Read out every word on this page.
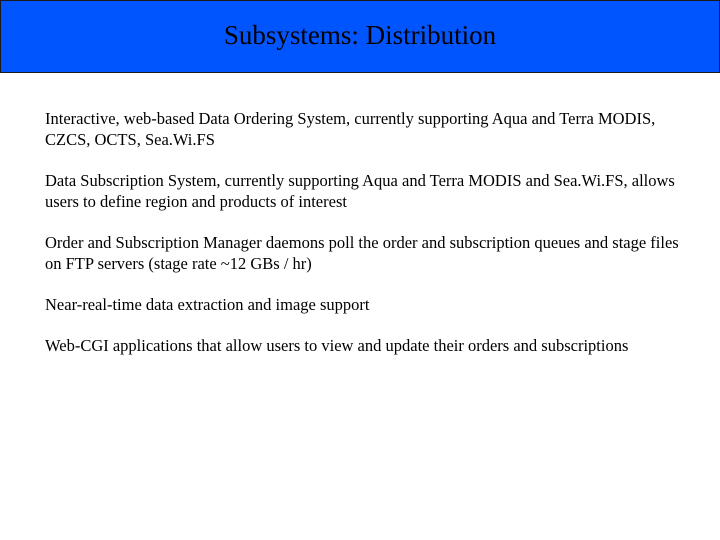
Subsystems: Distribution

Interactive, web-based Data Ordering System, currently supporting Aqua and Terra MODIS, CZCS, OCTS, Sea.Wi.FS

Data Subscription System, currently supporting Aqua and Terra MODIS and Sea.Wi.FS, allows users to define region and products of interest

Order and Subscription Manager daemons poll the order and subscription queues and stage files on FTP servers (stage rate ~12 GBs / hr)

Near-real-time data extraction and image support

Web-CGI applications that allow users to view and update their orders and subscriptions
